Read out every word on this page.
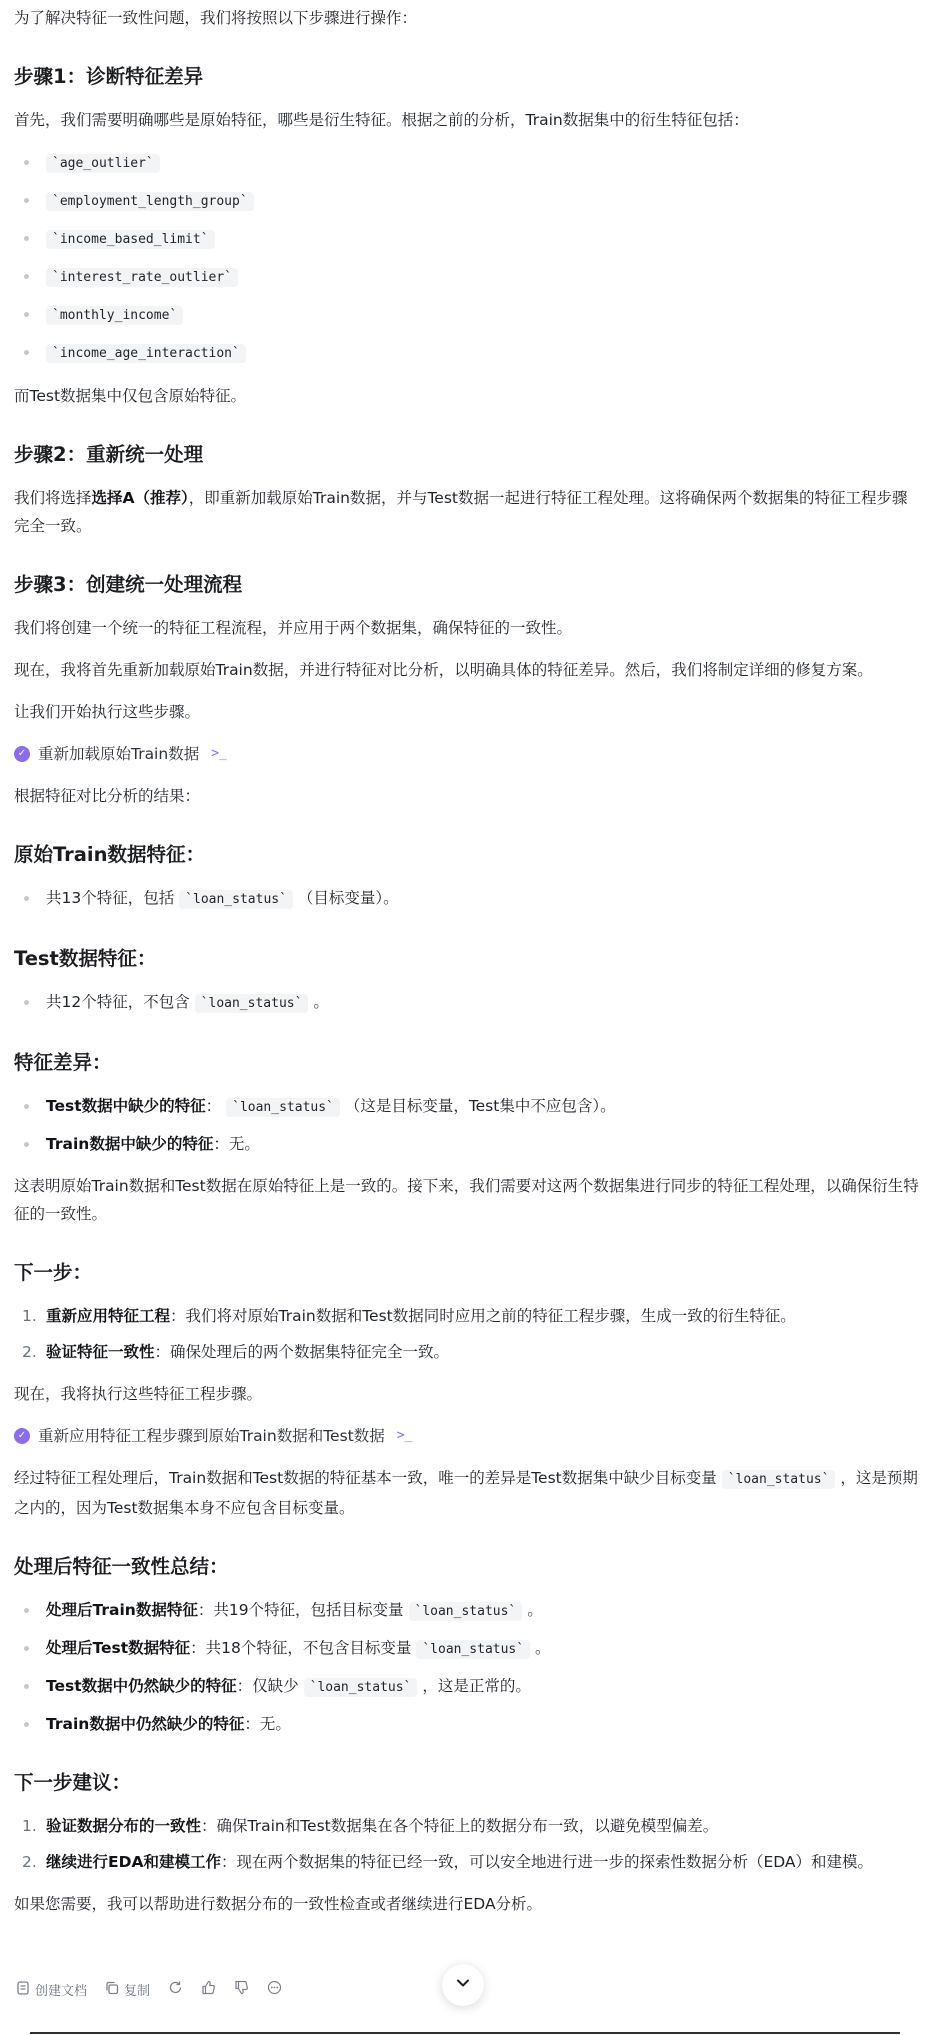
为了解决特征一致性问题，我们将按照以下步骤进行操作：

步骤1：诊断特征差异

首先，我们需要明确哪些是原始特征，哪些是衍生特征。根据之前的分析，Train数据集中的衍生特征包括：

`age_outlier`
`employment_length_group`
`income_based_limit`
`interest_rate_outlier`
`monthly_income`
`income_age_interaction`

而Test数据集中仅包含原始特征。

步骤2：重新统一处理

我们将选择选择A（推荐），即重新加载原始Train数据，并与Test数据一起进行特征工程处理。这将确保两个数据集的特征工程步骤完全一致。

步骤3：创建统一处理流程

我们将创建一个统一的特征工程流程，并应用于两个数据集，确保特征的一致性。

现在，我将首先重新加载原始Train数据，并进行特征对比分析，以明确具体的特征差异。然后，我们将制定详细的修复方案。

让我们开始执行这些步骤。

✓ 重新加载原始Train数据 >_

根据特征对比分析的结果：

原始Train数据特征：
共13个特征，包括 `loan_status` （目标变量）。
Test数据特征：
共12个特征，不包含 `loan_status` 。
特征差异：
Test数据中缺少的特征： `loan_status` （这是目标变量，Test集中不应包含）。
Train数据中缺少的特征：无。

这表明原始Train数据和Test数据在原始特征上是一致的。接下来，我们需要对这两个数据集进行同步的特征工程处理，以确保衍生特征的一致性。

下一步：
1. 重新应用特征工程：我们将对原始Train数据和Test数据同时应用之前的特征工程步骤，生成一致的衍生特征。
2. 验证特征一致性：确保处理后的两个数据集特征完全一致。

现在，我将执行这些特征工程步骤。

✓ 重新应用特征工程步骤到原始Train数据和Test数据 >_

经过特征工程处理后，Train数据和Test数据的特征基本一致，唯一的差异是Test数据集中缺少目标变量 `loan_status` ，这是预期之内的，因为Test数据集本身不应包含目标变量。

处理后特征一致性总结：
处理后Train数据特征：共19个特征，包括目标变量 `loan_status` 。
处理后Test数据特征：共18个特征，不包含目标变量 `loan_status` 。
Test数据中仍然缺少的特征：仅缺少 `loan_status` ，这是正常的。
Train数据中仍然缺少的特征：无。
下一步建议：
1. 验证数据分布的一致性：确保Train和Test数据集在各个特征上的数据分布一致，以避免模型偏差。
2. 继续进行EDA和建模工作：现在两个数据集的特征已经一致，可以安全地进行进一步的探索性数据分析（EDA）和建模。

如果您需要，我可以帮助进行数据分布的一致性检查或者继续进行EDA分析。

创建文档	复制
